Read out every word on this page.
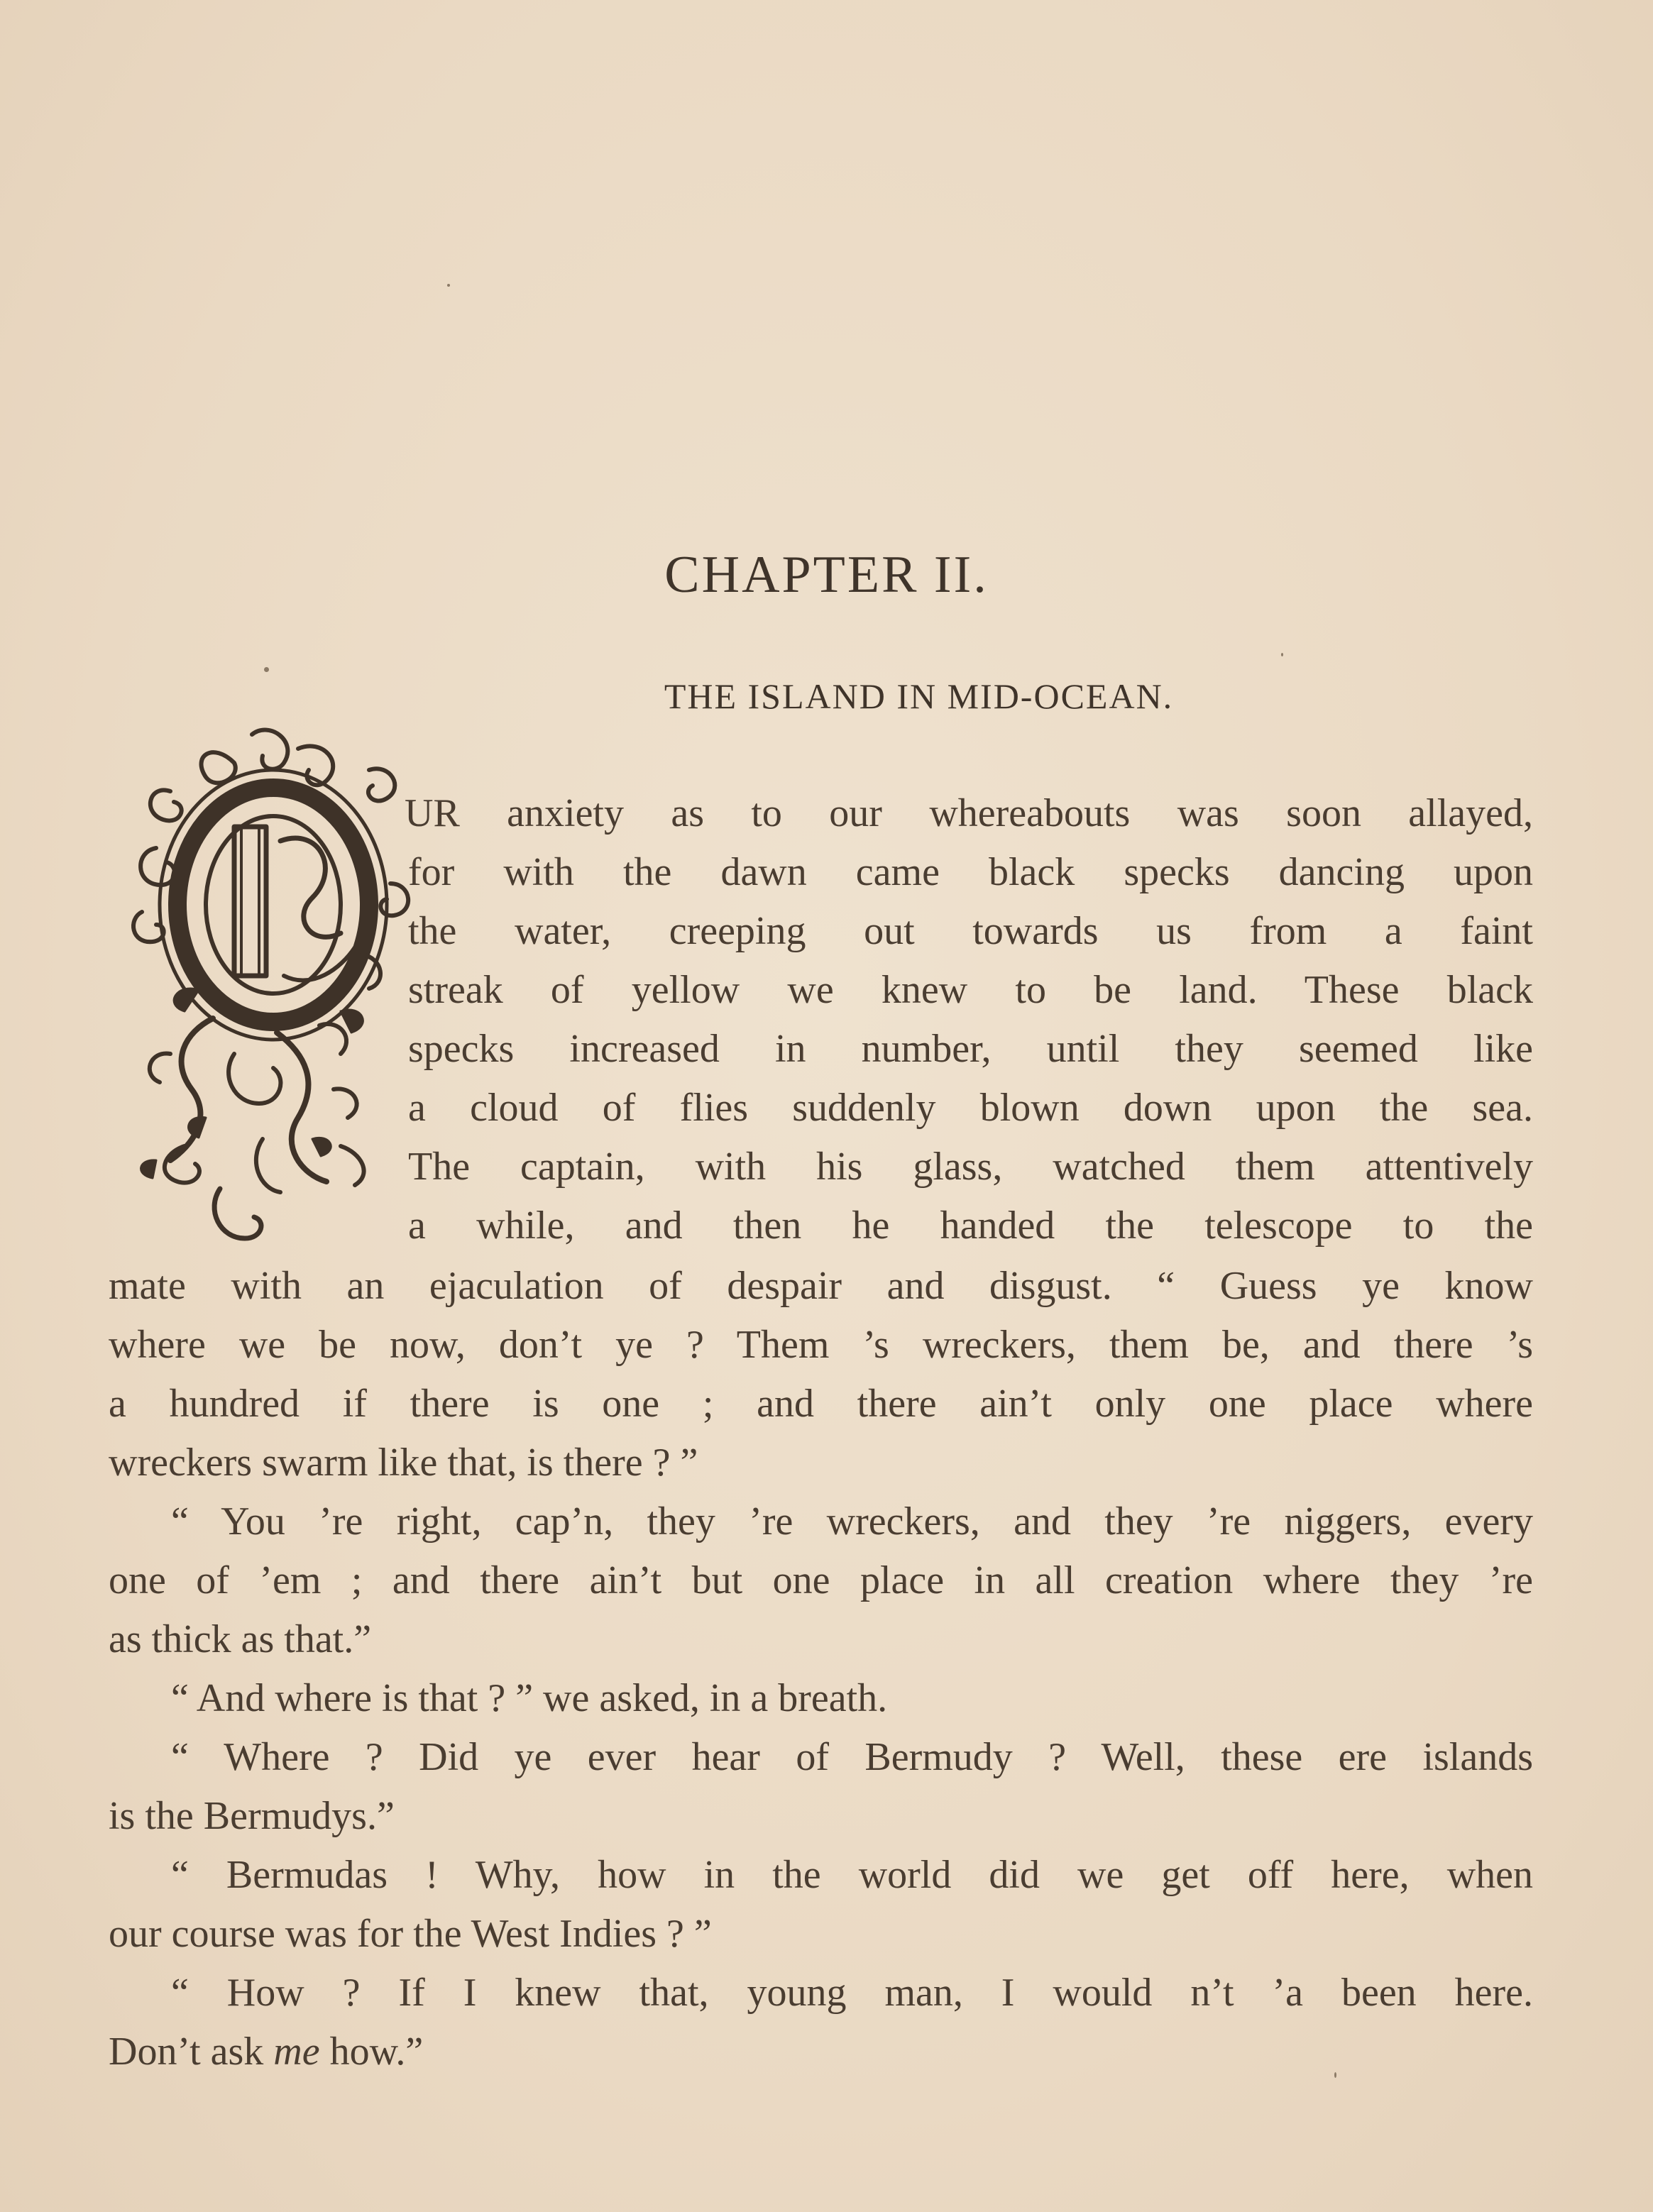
CHAPTER II.
THE ISLAND IN MID-OCEAN.
UR anxiety as to our whereabouts was soon allayed,
for with the dawn came black specks dancing upon
the water, creeping out towards us from a faint
streak of yellow we knew to be land. These black
specks increased in number, until they seemed like
a cloud of flies suddenly blown down upon the sea.
The captain, with his glass, watched them attentively
a while, and then he handed the telescope to the
mate with an ejaculation of despair and disgust. “ Guess ye know
where we be now, don’t ye ? Them ’s wreckers, them be, and there ’s
a hundred if there is one ; and there ain’t only one place where
wreckers swarm like that, is there ? ”
“ You ’re right, cap’n, they ’re wreckers, and they ’re niggers, every
one of ’em ; and there ain’t but one place in all creation where they ’re
as thick as that.”
“ And where is that ? ” we asked, in a breath.
“ Where ? Did ye ever hear of Bermudy ? Well, these ere islands
is the Bermudys.”
“ Bermudas ! Why, how in the world did we get off here, when
our course was for the West Indies ? ”
“ How ? If I knew that, young man, I would n’t ’a been here.
Don’t ask me how.”
